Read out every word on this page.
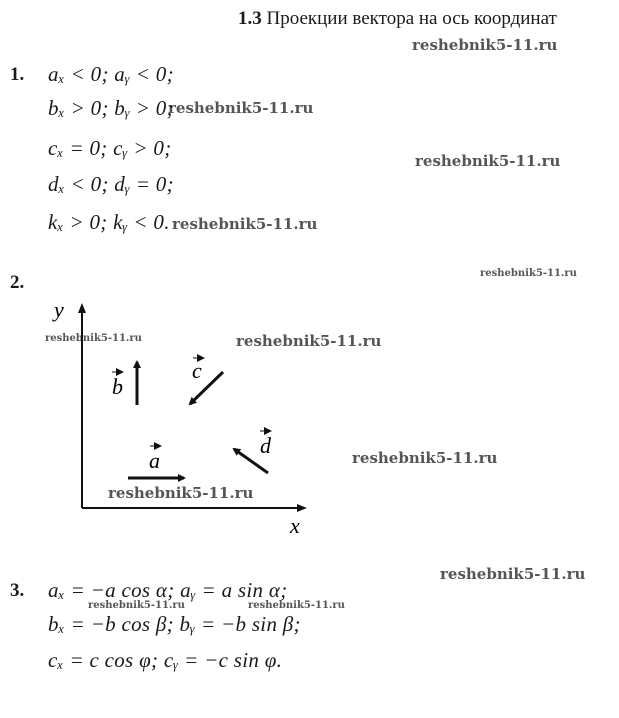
1.3 Проекции вектора на ось координат
reshebnik5-11.ru
reshebnik5-11.ru
reshebnik5-11.ru
reshebnik5-11.ru
reshebnik5-11.ru
reshebnik5-11.ru	reshebnik5-11.ru
reshebnik5-11.ru
reshebnik5-11.ru
reshebnik5-11.ru
reshebnik5-11.ru	reshebnik5-11.ru
1. aₓ < 0; aᵧ < 0;
bₓ > 0; bᵧ > 0;
cₓ = 0; cᵧ > 0;
dₓ < 0; dᵧ = 0;
kₓ > 0; kᵧ < 0.
2.
y
x
b
c
d
a
3. aₓ = −a cos α; aᵧ = a sin α;
bₓ = −b cos β; bᵧ = −b sin β;
cₓ = c cos φ; cᵧ = −c sin φ.
